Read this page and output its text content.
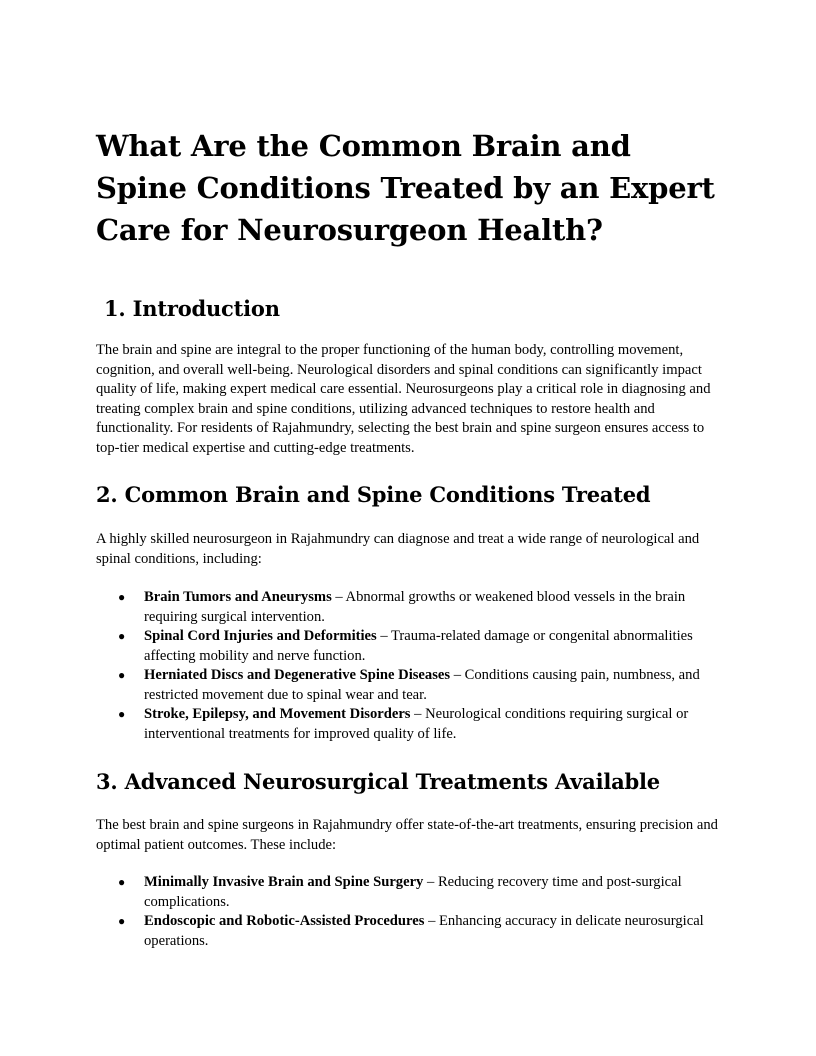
What Are the Common Brain and Spine Conditions Treated by an Expert Care for Neurosurgeon Health?
1. Introduction

The brain and spine are integral to the proper functioning of the human body, controlling movement, cognition, and overall well-being. Neurological disorders and spinal conditions can significantly impact quality of life, making expert medical care essential. Neurosurgeons play a critical role in diagnosing and treating complex brain and spine conditions, utilizing advanced techniques to restore health and functionality. For residents of Rajahmundry, selecting the best brain and spine surgeon ensures access to top-tier medical expertise and cutting-edge treatments.

2. Common Brain and Spine Conditions Treated

A highly skilled neurosurgeon in Rajahmundry can diagnose and treat a wide range of neurological and spinal conditions, including:

● Brain Tumors and Aneurysms – Abnormal growths or weakened blood vessels in the brain requiring surgical intervention.
● Spinal Cord Injuries and Deformities – Trauma-related damage or congenital abnormalities affecting mobility and nerve function.
● Herniated Discs and Degenerative Spine Diseases – Conditions causing pain, numbness, and restricted movement due to spinal wear and tear.
● Stroke, Epilepsy, and Movement Disorders – Neurological conditions requiring surgical or interventional treatments for improved quality of life.
3. Advanced Neurosurgical Treatments Available

The best brain and spine surgeons in Rajahmundry offer state-of-the-art treatments, ensuring precision and optimal patient outcomes. These include:

● Minimally Invasive Brain and Spine Surgery – Reducing recovery time and post-surgical complications.
● Endoscopic and Robotic-Assisted Procedures – Enhancing accuracy in delicate neurosurgical operations.
